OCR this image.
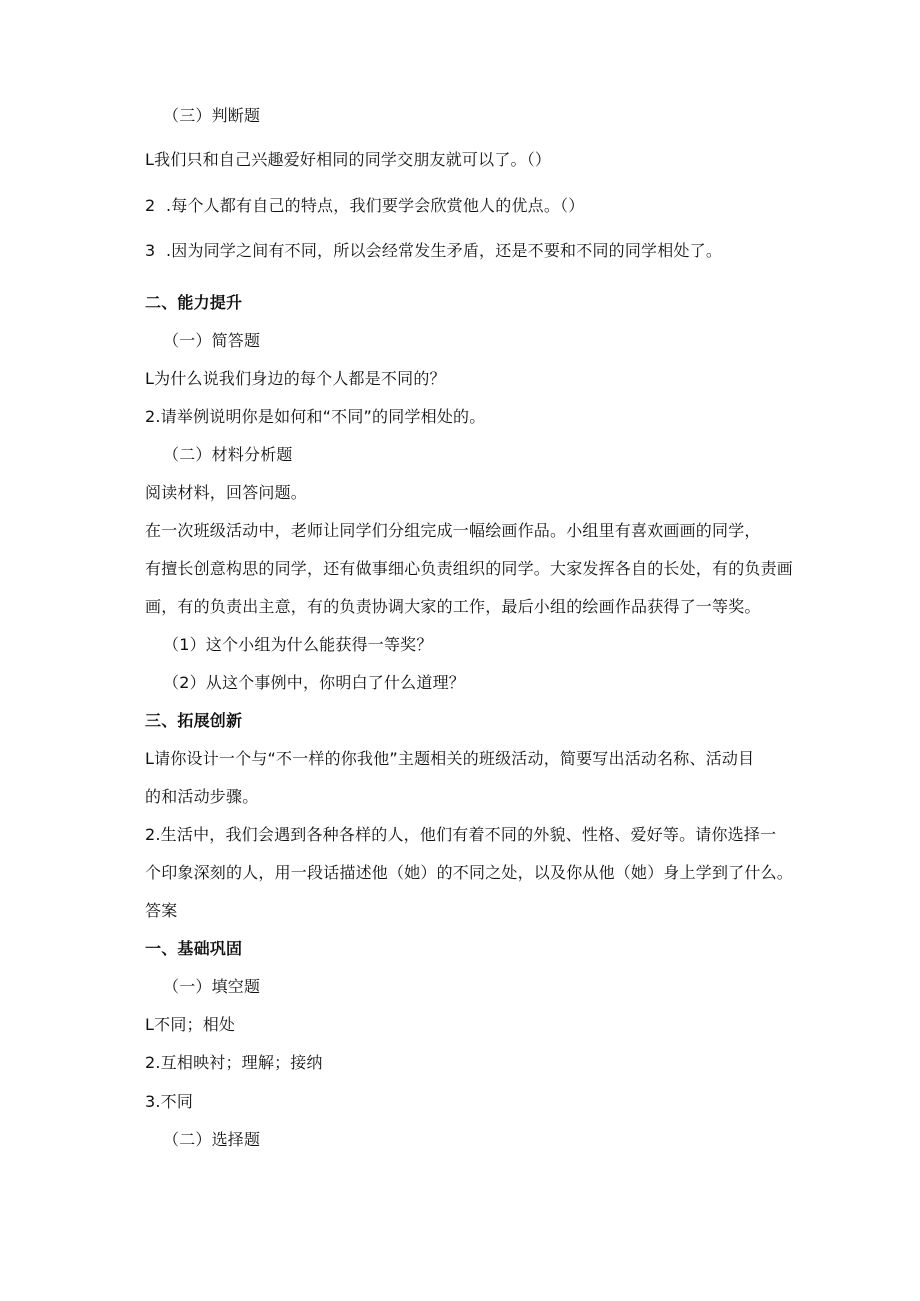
（三）判断题
L我们只和自己兴趣爱好相同的同学交朋友就可以了。（）
2  .每个人都有自己的特点，我们要学会欣赏他人的优点。（）
3  .因为同学之间有不同，所以会经常发生矛盾，还是不要和不同的同学相处了。
二、能力提升
（一）简答题
L为什么说我们身边的每个人都是不同的？
2.请举例说明你是如何和“不同”的同学相处的。
（二）材料分析题
阅读材料，回答问题。
在一次班级活动中，老师让同学们分组完成一幅绘画作品。小组里有喜欢画画的同学，
有擅长创意构思的同学，还有做事细心负责组织的同学。大家发挥各自的长处，有的负责画
画，有的负责出主意，有的负责协调大家的工作，最后小组的绘画作品获得了一等奖。
（1）这个小组为什么能获得一等奖？
（2）从这个事例中，你明白了什么道理？
三、拓展创新
L请你设计一个与“不一样的你我他”主题相关的班级活动，简要写出活动名称、活动目
的和活动步骤。
2.生活中，我们会遇到各种各样的人，他们有着不同的外貌、性格、爱好等。请你选择一
个印象深刻的人，用一段话描述他（她）的不同之处，以及你从他（她）身上学到了什么。
答案
一、基础巩固
（一）填空题
L不同；相处
2.互相映衬；理解；接纳
3.不同
（二）选择题
